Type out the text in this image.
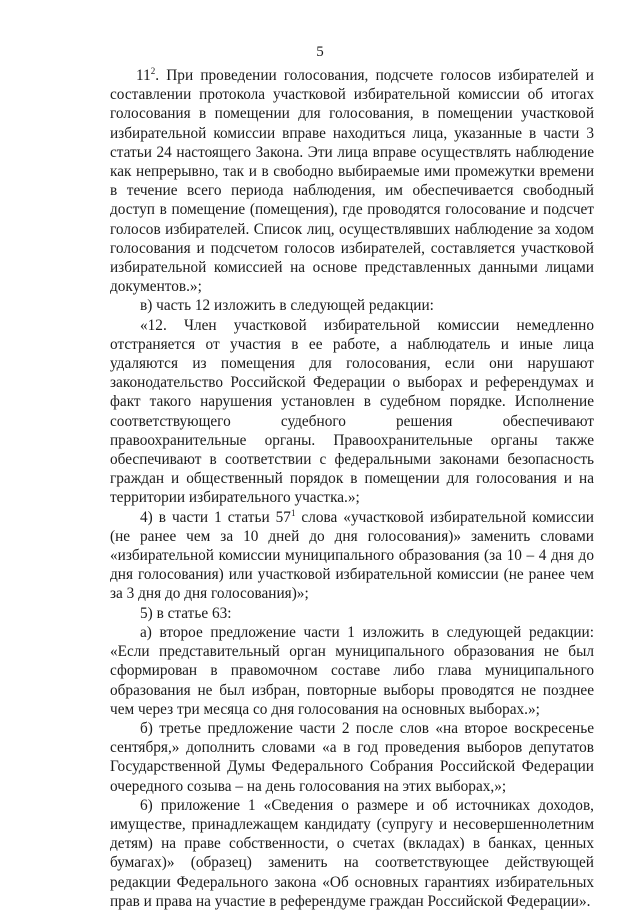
5

$11^2$. При проведении голосования, подсчете голосов избирателей и составлении протокола участковой избирательной комиссии об итогах голосования в помещении для голосования, в помещении участковой избирательной комиссии вправе находиться лица, указанные в части 3 статьи 24 настоящего Закона. Эти лица вправе осуществлять наблюдение как непрерывно, так и в свободно выбираемые ими промежутки времени в течение всего периода наблюдения, им обеспечивается свободный доступ в помещение (помещения), где проводятся голосование и подсчет голосов избирателей. Список лиц, осуществлявших наблюдение за ходом голосования и подсчетом голосов избирателей, составляется участковой избирательной комиссией на основе представленных данными лицами документов.»;

в) часть 12 изложить в следующей редакции:

«12. Член участковой избирательной комиссии немедленно отстраняется от участия в ее работе, а наблюдатель и иные лица удаляются из помещения для голосования, если они нарушают законодательство Российской Федерации о выборах и референдумах и факт такого нарушения установлен в судебном порядке. Исполнение соответствующего судебного решения обеспечивают правоохранительные органы. Правоохранительные органы также обеспечивают в соответствии с федеральными законами безопасность граждан и общественный порядок в помещении для голосования и на территории избирательного участка.»;

4) в части 1 статьи $57^1$ слова «участковой избирательной комиссии (не ранее чем за 10 дней до дня голосования)» заменить словами «избирательной комиссии муниципального образования (за 10 – 4 дня до дня голосования) или участковой избирательной комиссии (не ранее чем за 3 дня до дня голосования)»;

5) в статье 63:

а) второе предложение части 1 изложить в следующей редакции: «Если представительный орган муниципального образования не был сформирован в правомочном составе либо глава муниципального образования не был избран, повторные выборы проводятся не позднее чем через три месяца со дня голосования на основных выборах.»;

б) третье предложение части 2 после слов «на второе воскресенье сентября,» дополнить словами «а в год проведения выборов депутатов Государственной Думы Федерального Собрания Российской Федерации очередного созыва – на день голосования на этих выборах,»;

6) приложение 1 «Сведения о размере и об источниках доходов, имуществе, принадлежащем кандидату (супругу и несовершеннолетним детям) на праве собственности, о счетах (вкладах) в банках, ценных бумагах)» (образец) заменить на соответствующее действующей редакции Федерального закона «Об основных гарантиях избирательных прав и права на участие в референдуме граждан Российской Федерации».
